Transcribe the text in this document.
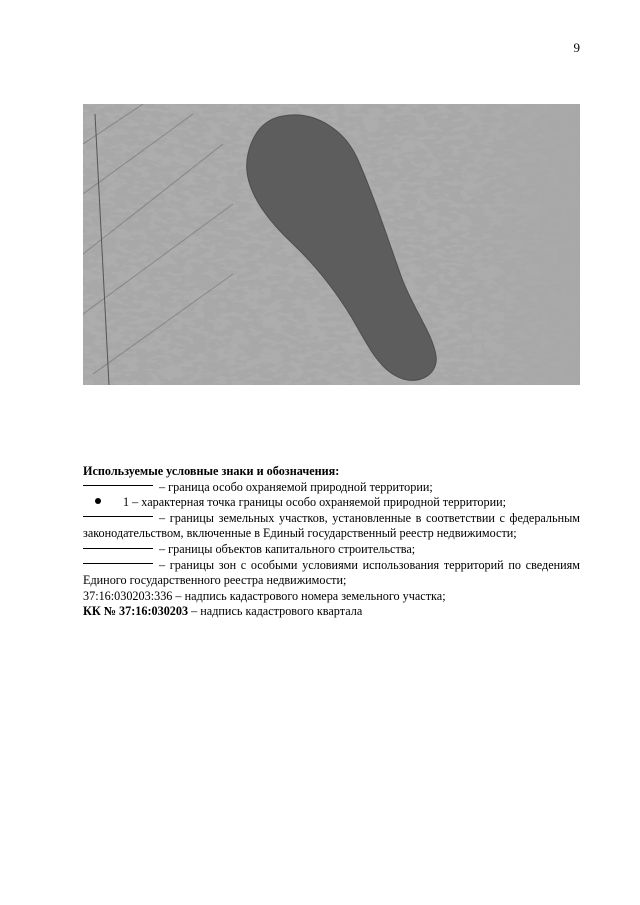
9
Используемые условные знаки и обозначения:
– граница особо охраняемой природной территории;
1 – характерная точка границы особо охраняемой природной территории;
– границы земельных участков, установленные в соответствии с федеральным законодательством, включенные в Единый государственный реестр недвижимости;
– границы объектов капитального строительства;
– границы зон с особыми условиями использования территорий по сведениям Единого государственного реестра недвижимости;
37:16:030203:336 – надпись кадастрового номера земельного участка;
КК № 37:16:030203 – надпись кадастрового квартала
